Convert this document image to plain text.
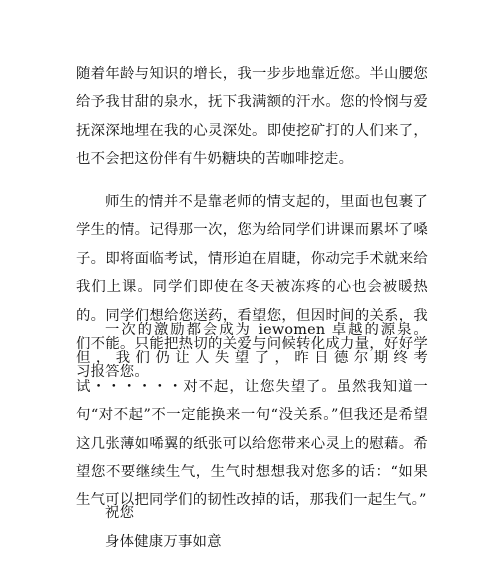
随着年龄与知识的增长，我一步步地靠近您。半山腰您给予我甘甜的泉水，抚下我满额的汗水。您的怜悯与爱抚深深地埋在我的心灵深处。即使挖矿打的人们来了，也不会把这份伴有牛奶糖块的苦咖啡挖走。

师生的情并不是靠老师的情支起的，里面也包裹了学生的情。记得那一次，您为给同学们讲课而累坏了嗓子。即将面临考试，情形迫在眉睫，你动完手术就来给我们上课。同学们即使在冬天被冻疼的心也会被暖热的。同学们想给您送药，看望您，但因时间的关系，我们不能。只能把热切的关爱与问候转化成力量，好好学习报答您。

一次的激励都会成为 iewomen 卓越的源泉。但，我们仍让人失望了，昨日德尔期终考试・・・・・・对不起，让您失望了。虽然我知道一句“对不起”不一定能换来一句“没关系。”但我还是希望这几张薄如唏翼的纸张可以给您带来心灵上的慰藉。希望您不要继续生气，生气时想想我对您多的话：“如果生气可以把同学们的韧性改掉的话，那我们一起生气。”

祝您

身体健康万事如意
